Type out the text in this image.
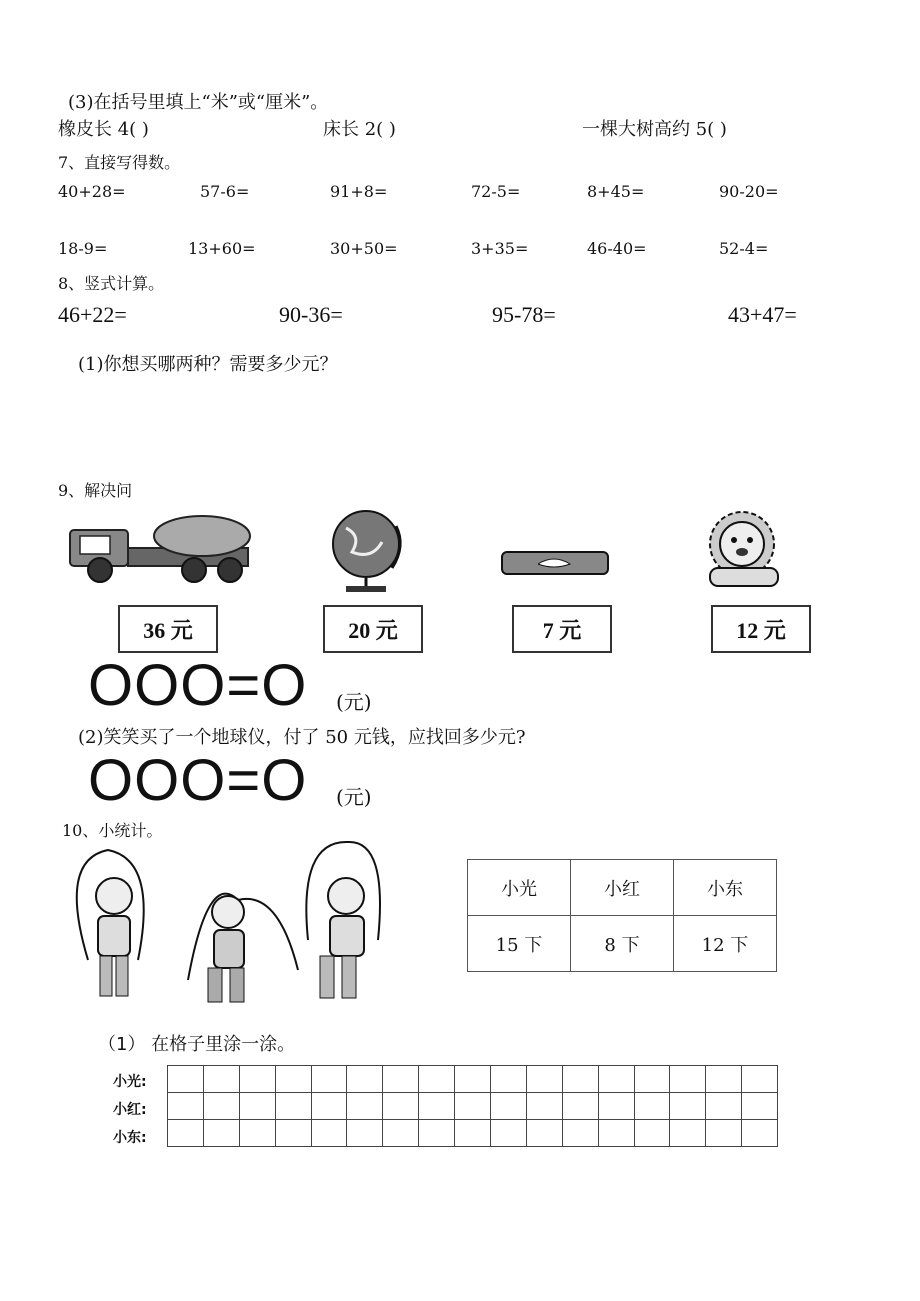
(3)在括号里填上“米”或“厘米”。
橡皮长 4( )	床长 2( )	一棵大树高约 5( )
7、直接写得数。
40+28=	57-6=	91+8=	72-5=	8+45=	90-20=
18-9=	13+60=	30+50=	3+35=	46-40=	52-4=
8、竖式计算。
46+22=	90-36=	95-78=	43+47=
(1)你想买哪两种？需要多少元？
9、解决问
36 元	20 元	7 元	12 元
OOO=O (元)
(2)笑笑买了一个地球仪，付了 50 元钱，应找回多少元?
OOO=O (元)
10、小统计。
小光	小红	小东
15 下	8 下	12 下
（1） 在格子里涂一涂。
小光:
小红:
小东:
